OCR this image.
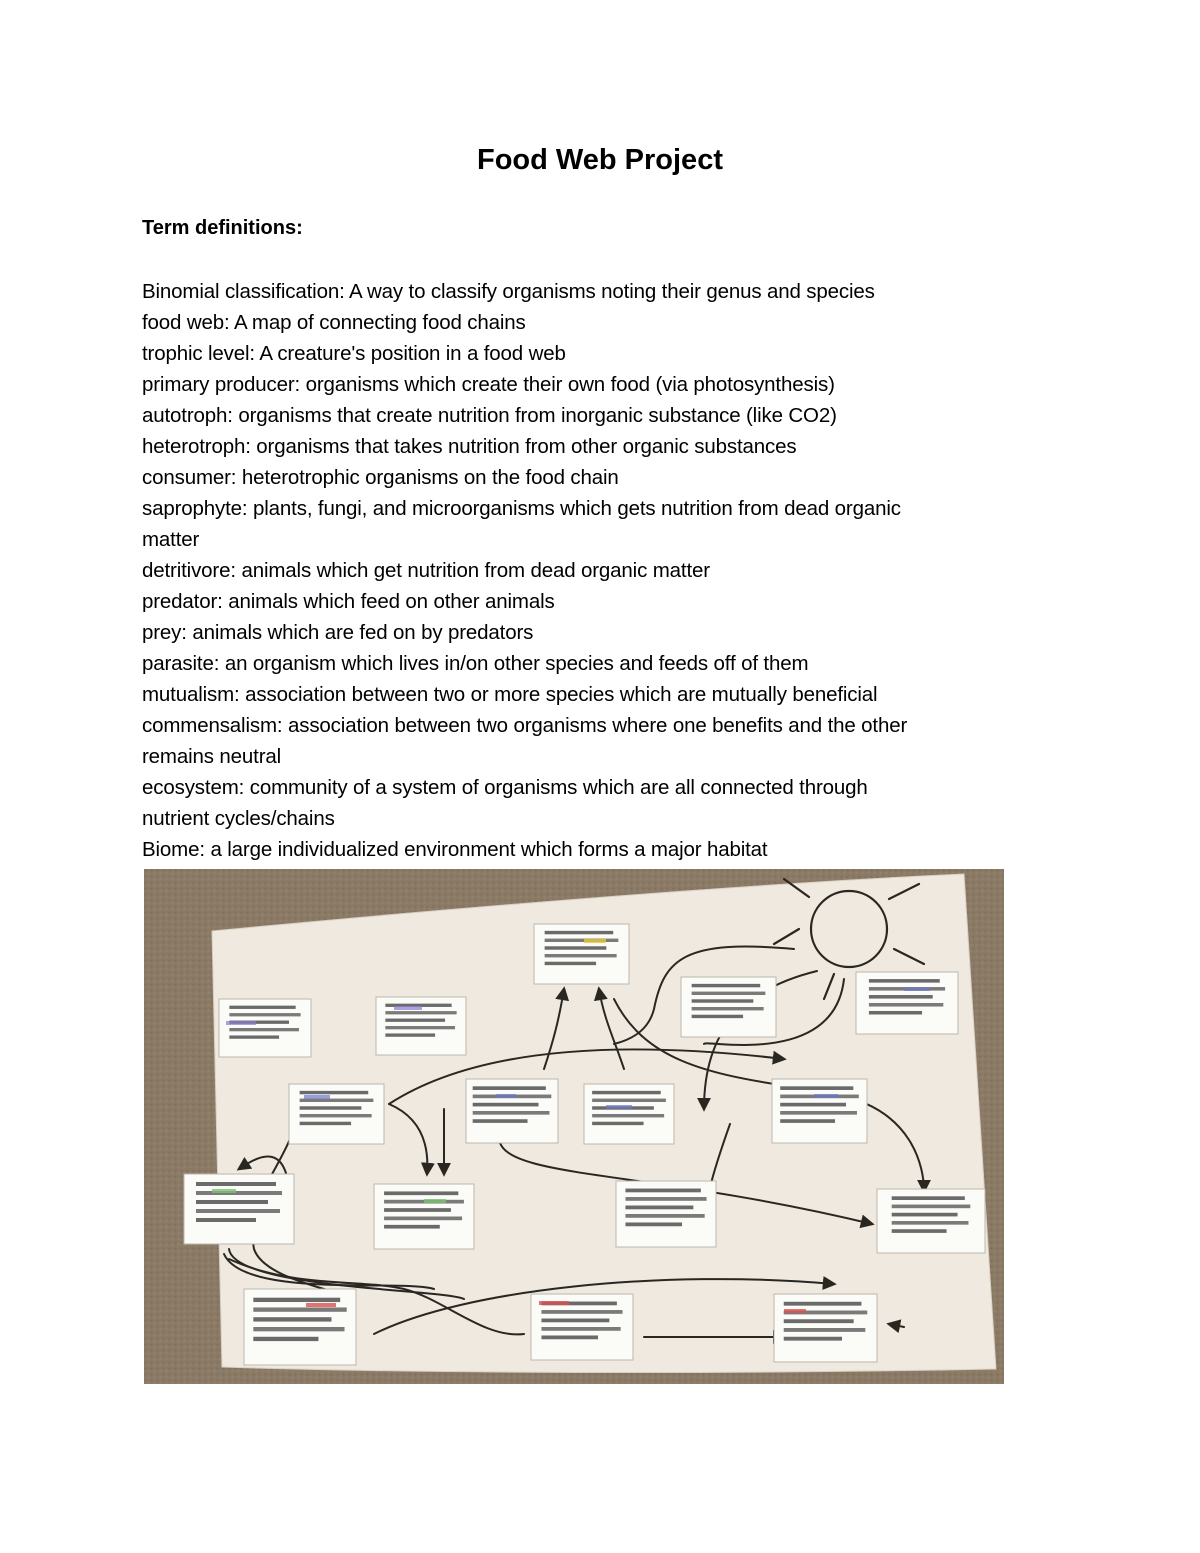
Food Web Project
Term definitions:
Binomial classification: A way to classify organisms noting their genus and species
food web: A map of connecting food chains
trophic level: A creature's position in a food web
primary producer: organisms which create their own food (via photosynthesis)
autotroph: organisms that create nutrition from inorganic substance (like CO2)
heterotroph: organisms that takes nutrition from other organic substances
consumer: heterotrophic organisms on the food chain
saprophyte: plants, fungi, and microorganisms which gets nutrition from dead organic
matter
detritivore: animals which get nutrition from dead organic matter
predator: animals which feed on other animals
prey: animals which are fed on by predators
parasite: an organism which lives in/on other species and feeds off of them
mutualism: association between two or more species which are mutually beneficial
commensalism: association between two organisms where one benefits and the other
remains neutral
ecosystem: community of a system of organisms which are all connected through
nutrient cycles/chains
Biome: a large individualized environment which forms a major habitat
